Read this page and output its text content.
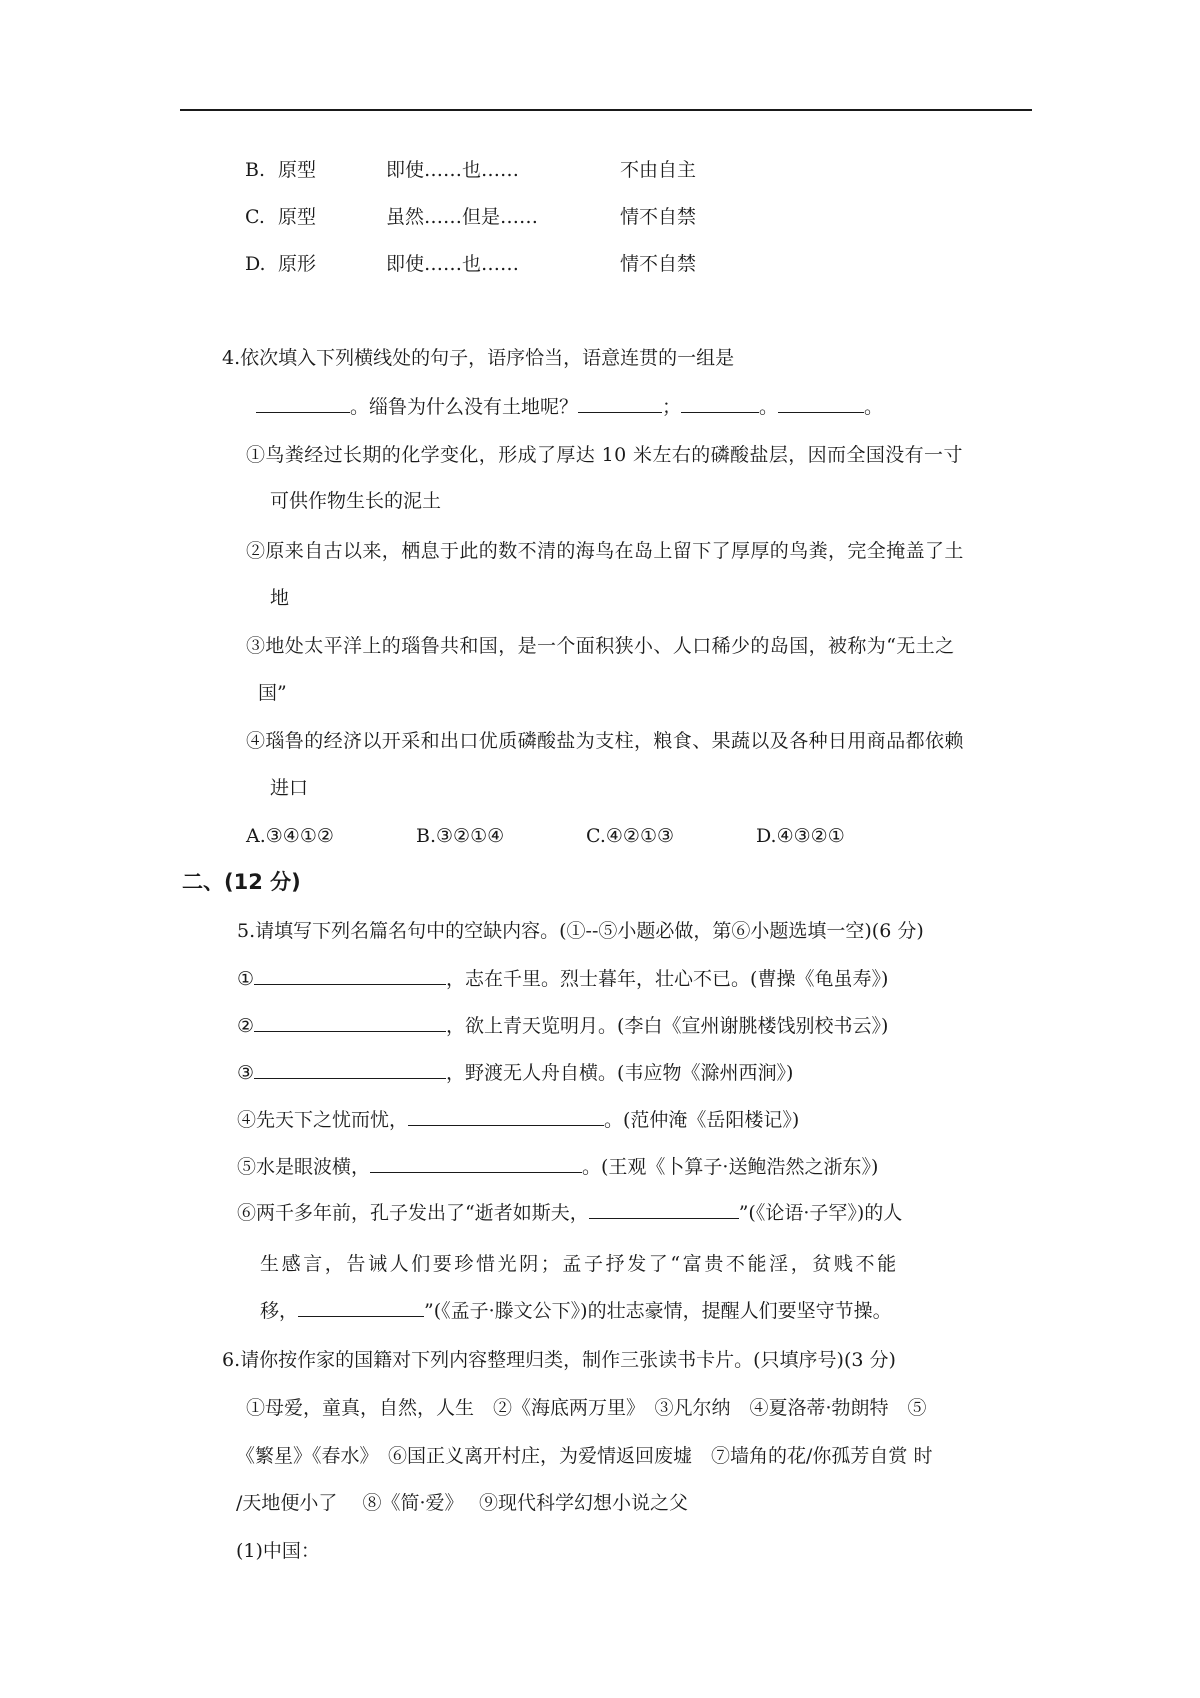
B. 原型	即使……也……	不由自主
C. 原型	虽然……但是……	情不自禁
D. 原形	即使……也……	情不自禁
4.依次填入下列横线处的句子，语序恰当，语意连贯的一组是
。缁鲁为什么没有土地呢？	；	。	。
①鸟粪经过长期的化学变化，形成了厚达 10 米左右的磷酸盐层，因而全国没有一寸
可供作物生长的泥土
②原来自古以来，栖息于此的数不清的海鸟在岛上留下了厚厚的鸟粪，完全掩盖了土
地
③地处太平洋上的瑙鲁共和国，是一个面积狭小、人口稀少的岛国，被称为“无土之
国”
④瑙鲁的经济以开采和出口优质磷酸盐为支柱，粮食、果蔬以及各种日用商品都依赖
进口
A.③④①②	B.③②①④	C.④②①③	D.④③②①
二、(12 分)
5.请填写下列名篇名句中的空缺内容。(①--⑤小题必做，第⑥小题选填一空)(6 分)
①	，志在千里。烈士暮年，壮心不已。(曹操《龟虽寿》)
②	，欲上青天览明月。(李白《宣州谢朓楼饯别校书云》)
③	，野渡无人舟自横。(韦应物《滁州西涧》)
④先天下之忧而忧，	。(范仲淹《岳阳楼记》)
⑤水是眼波横，	。(王观《卜算子·送鲍浩然之浙东》)
⑥两千多年前，孔子发出了“逝者如斯夫，	”(《论语·子罕》)的人
生感言，告诫人们要珍惜光阴；孟子抒发了“富贵不能淫，贫贱不能
移，	”(《孟子·滕文公下》)的壮志豪情，提醒人们要坚守节操。
6.请你按作家的国籍对下列内容整理归类，制作三张读书卡片。(只填序号)(3 分)
①母爱，童真，自然，人生　②《海底两万里》　③凡尔纳　④夏洛蒂·勃朗特　⑤
《繁星》《春水》　⑥国正义离开村庄，为爱情返回废墟　⑦墙角的花/你孤芳自赏 时
/天地便小了　 ⑧《简·爱》　 ⑨现代科学幻想小说之父
(1)中国：
